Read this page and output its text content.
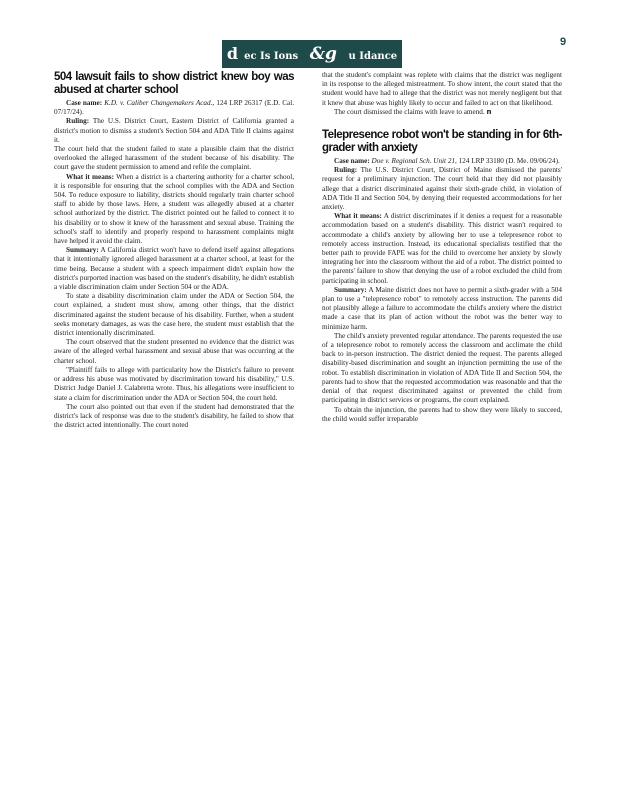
d ec Is Ions &g u Idance
9
504 lawsuit fails to show district knew boy was abused at charter school

Case name: K.D. v. Caliber Changemakers Acad., 124 LRP 26317 (E.D. Cal. 07/17/24).

Ruling: The U.S. District Court, Eastern District of California granted a district's motion to dismiss a student's Section 504 and ADA Title II claims against it.

The court held that the student failed to state a plausible claim that the district overlooked the alleged harassment of the student because of his disability. The court gave the student permission to amend and refile the complaint.

What it means: When a district is a chartering authority for a charter school, it is responsible for ensuring that the school complies with the ADA and Section 504. To reduce exposure to liability, districts should regularly train charter school staff to abide by those laws. Here, a student was allegedly abused at a charter school authorized by the district. The district pointed out he failed to connect it to his disability or to show it knew of the harassment and sexual abuse. Training the school's staff to identify and properly respond to harassment complaints might have helped it avoid the claim.

Summary: A California district won't have to defend itself against allegations that it intentionally ignored alleged harassment at a charter school, at least for the time being. Because a student with a speech impairment didn't explain how the district's purported inaction was based on the student's disability, he didn't establish a viable discrimination claim under Section 504 or the ADA.

To state a disability discrimination claim under the ADA or Section 504, the court explained, a student must show, among other things, that the district discriminated against the student because of his disability. Further, when a student seeks monetary damages, as was the case here, the student must establish that the district intentionally discriminated.

The court observed that the student presented no evidence that the district was aware of the alleged verbal harassment and sexual abuse that was occurring at the charter school.

"Plaintiff fails to allege with particularity how the District's failure to prevent or address his abuse was motivated by discrimination toward his disability," U.S. District Judge Daniel J. Calabretta wrote. Thus, his allegations were insufficient to state a claim for discrimination under the ADA or Section 504, the court held.

The court also pointed out that even if the student had demonstrated that the district's lack of response was due to the student's disability, he failed to show that the district acted intentionally. The court noted

that the student's complaint was replete with claims that the district was negligent in its response to the alleged mistreatment. To show intent, the court stated that the student would have had to allege that the district was not merely negligent but that it knew that abuse was highly likely to occur and failed to act on that likelihood.

The court dismissed the claims with leave to amend. n

Telepresence robot won't be standing in for 6th-grader with anxiety

Case name: Doe v. Regional Sch. Unit 21, 124 LRP 33180 (D. Me. 09/06/24).

Ruling: The U.S. District Court, District of Maine dismissed the parents' request for a preliminary injunction. The court held that they did not plausibly allege that a district discriminated against their sixth-grade child, in violation of ADA Title II and Section 504, by denying their requested accommodations for her anxiety.

What it means: A district discriminates if it denies a request for a reasonable accommodation based on a student's disability. This district wasn't required to accommodate a child's anxiety by allowing her to use a telepresence robot to remotely access instruction. Instead, its educational specialists testified that the better path to provide FAPE was for the child to overcome her anxiety by slowly integrating her into the classroom without the aid of a robot. The district pointed to the parents' failure to show that denying the use of a robot excluded the child from participating in school.

Summary: A Maine district does not have to permit a sixth-grader with a 504 plan to use a "telepresence robot" to remotely access instruction. The parents did not plausibly allege a failure to accommodate the child's anxiety where the district made a case that its plan of action without the robot was the better way to minimize harm.

The child's anxiety prevented regular attendance. The parents requested the use of a telepresence robot to remotely access the classroom and acclimate the child back to in-person instruction. The district denied the request. The parents alleged disability-based discrimination and sought an injunction permitting the use of the robot. To establish discrimination in violation of ADA Title II and Section 504, the parents had to show that the requested accommodation was reasonable and that the denial of that request discriminated against or prevented the child from participating in district services or programs, the court explained.

To obtain the injunction, the parents had to show they were likely to succeed, the child would suffer irreparable
